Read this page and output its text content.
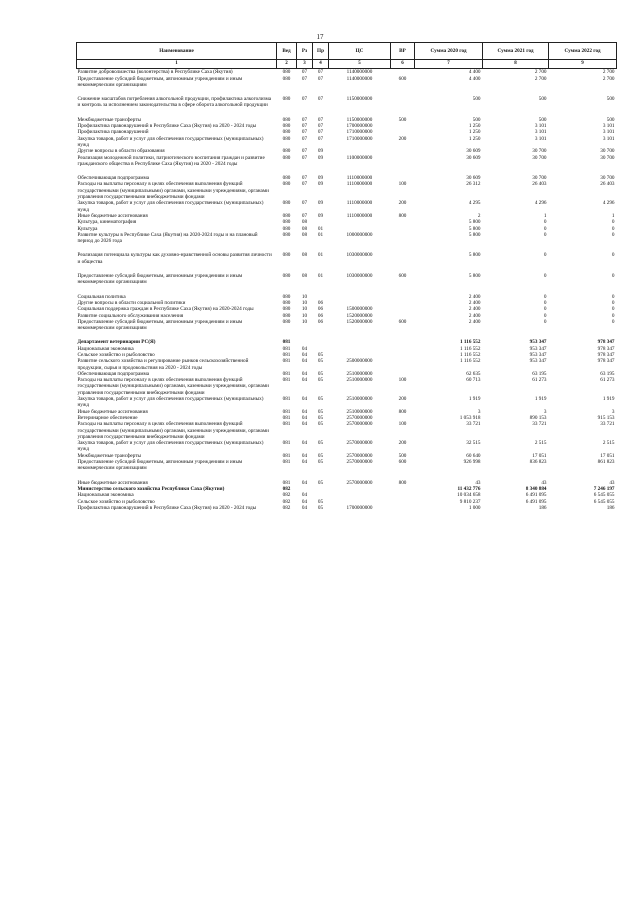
17
Наименование	Вед	Рз	Пр	ЦС	ВР	Сумма 2020 год	Сумма 2021 год	Сумма 2022 год
1	2	3	4	5	6	7	8	9
Развитие добровольчества (волонтерства) в Республике Саха (Якутия)	080	07	07	1140000000		4 400	2 700	2 700
Предоставление субсидий бюджетным, автономным учреждениям и иным некоммерческим организациям	080	07	07	1140000000	600	4 400	2 700	2 700

Снижение масштабов потребления алкогольной продукции, профилактика алкоголизма и контроль за исполнением законодательства в сфере оборота алкогольной продукции	080	07	07	1150000000		500	500	500

Межбюджетные трансферты	080	07	07	1150000000	500	500	500	500
Профилактика правонарушений в Республике Саха (Якутия) на 2020 - 2024 годы	080	07	07	1700000000		1 250	3 101	3 101
Профилактика правонарушений	080	07	07	1710000000		1 250	3 101	3 101
Закупка товаров, работ и услуг для обеспечения государственных (муниципальных) нужд	080	07	07	1710000000	200	1 250	3 101	3 101
Другие вопросы в области образования	080	07	09			30 609	30 700	30 700
Реализация молодежной политики, патриотического воспитания граждан и развитие гражданского общества в Республике Саха (Якутия) на 2020 - 2024 годы	080	07	09	1100000000		30 609	30 700	30 700

Обеспечивающая подпрограмма	080	07	09	1110000000		30 609	30 700	30 700
Расходы на выплаты персоналу в целях обеспечения выполнения функций государственными (муниципальными) органами, казенными учреждениями, органами управления государственными внебюджетными фондами	080	07	09	1110000000	100	26 312	26 403	26 403
Закупка товаров, работ и услуг для обеспечения государственных (муниципальных) нужд	080	07	09	1110000000	200	4 295	4 296	4 296
Иные бюджетные ассигнования	080	07	09	1110000000	800	2	1	1
Культура, кинематография	080	08				5 800	0	0
Культура	080	08	01			5 800	0	0
Развитие культуры в Республике Саха (Якутия) на 2020-2024 годы и на плановый период до 2026 года	080	08	01	1000000000		5 800	0	0

Реализация потенциала культуры как духовно-нравственной основы развития личности и общества	080	08	01	1030000000		5 800	0	0

Предоставление субсидий бюджетным, автономным учреждениям и иным некоммерческим организациям	080	08	01	1030000000	600	5 800	0	0

Социальная политика	080	10				2 400	0	0
Другие вопросы в области социальной политики	080	10	06			2 400	0	0
Социальная поддержка граждан в Республике Саха (Якутия) на 2020-2024 годы	080	10	06	1500000000		2 400	0	0
Развитие социального обслуживания населения	080	10	06	1520000000		2 400	0	0
Предоставление субсидий бюджетным, автономным учреждениям и иным некоммерческим организациям	080	10	06	1520000000	600	2 400	0	0

Департамент ветеринарии РС(Я)	081					1 116 552	953 347	978 347
Национальная экономика	081	04				1 116 552	953 347	978 347
Сельское хозяйство и рыболовство	081	04	05			1 116 552	953 347	978 347
Развитие сельского хозяйства и регулирование рынков сельскохозяйственной продукции, сырья и продовольствия на 2020 - 2024 годы	081	04	05	2500000000		1 116 552	953 347	978 347
Обеспечивающая подпрограмма	081	04	05	2510000000		62 635	63 195	63 195
Расходы на выплаты персоналу в целях обеспечения выполнения функций государственными (муниципальными) органами, казенными учреждениями, органами управления государственными внебюджетными фондами	081	04	05	2510000000	100	60 713	61 273	61 273
Закупка товаров, работ и услуг для обеспечения государственных (муниципальных) нужд	081	04	05	2510000000	200	1 919	1 919	1 919
Иные бюджетные ассигнования	081	04	05	2510000000	800	3	3	3
Ветеринарное обеспечение	081	04	05	2570000000		1 053 918	890 153	915 153
Расходы на выплаты персоналу в целях обеспечения выполнения функций государственными (муниципальными) органами, казенными учреждениями, органами управления государственными внебюджетными фондами	081	04	05	2570000000	100	33 721	33 721	33 721
Закупка товаров, работ и услуг для обеспечения государственных (муниципальных) нужд	081	04	05	2570000000	200	32 515	2 515	2 515
Межбюджетные трансферты	081	04	05	2570000000	500	60 640	17 051	17 051
Предоставление субсидий бюджетным, автономным учреждениям и иным некоммерческим организациям	081	04	05	2570000000	600	926 998	836 823	861 823

Иные бюджетные ассигнования	081	04	05	2570000000	800	43	43	43
Министерство сельского хозяйства Республики Саха (Якутия)	082					11 432 776	8 340 884	7 246 197
Национальная экономика	082	04				10 034 658	6 491 095	6 545 055
Сельское хозяйство и рыболовство	082	04	05			9 810 237	6 491 095	6 545 055
Профилактика правонарушений в Республике Саха (Якутия) на 2020 - 2024 годы	082	04	05	1700000000		1 000	186	186
